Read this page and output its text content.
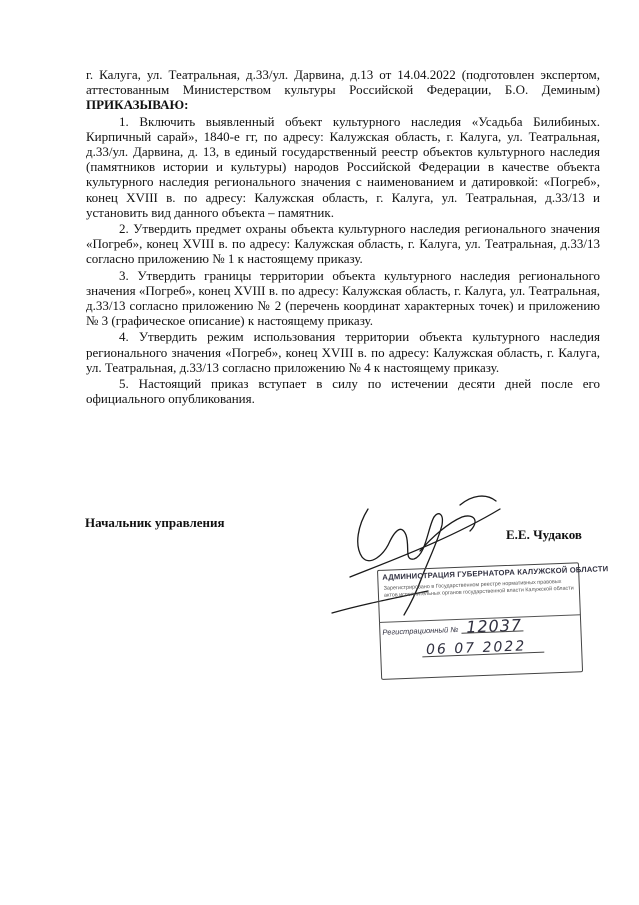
г. Калуга, ул. Театральная, д.33/ул. Дарвина, д.13 от 14.04.2022 (подготовлен экспертом, аттестованным Министерством культуры Российской Федерации, Б.О. Деминым) ПРИКАЗЫВАЮ:

1. Включить выявленный объект культурного наследия «Усадьба Билибиных. Кирпичный сарай», 1840-е гг, по адресу: Калужская область, г. Калуга, ул. Театральная, д.33/ул. Дарвина, д. 13, в единый государственный реестр объектов культурного наследия (памятников истории и культуры) народов Российской Федерации в качестве объекта культурного наследия регионального значения с наименованием и датировкой: «Погреб», конец XVIII в. по адресу: Калужская область, г. Калуга, ул. Театральная, д.33/13 и установить вид данного объекта – памятник.

2. Утвердить предмет охраны объекта культурного наследия регионального значения «Погреб», конец XVIII в. по адресу: Калужская область, г. Калуга, ул. Театральная, д.33/13 согласно приложению № 1 к настоящему приказу.

3. Утвердить границы территории объекта культурного наследия регионального значения «Погреб», конец XVIII в. по адресу: Калужская область, г. Калуга, ул. Театральная, д.33/13 согласно приложению № 2 (перечень координат характерных точек) и приложению № 3 (графическое описание) к настоящему приказу.

4. Утвердить режим использования территории объекта культурного наследия регионального значения «Погреб», конец XVIII в. по адресу: Калужская область, г. Калуга, ул. Театральная, д.33/13 согласно приложению № 4 к настоящему приказу.

5. Настоящий приказ вступает в силу по истечении десяти дней после его официального опубликования.

Начальник управления
Е.Е. Чудаков
АДМИНИСТРАЦИЯ ГУБЕРНАТОРА КАЛУЖСКОЙ ОБЛАСТИ
Зарегистрировано в Государственном реестре нормативных правовых актов исполнительных органов государственной власти Калужской области
Регистрационный № 12037
06 07 2022
